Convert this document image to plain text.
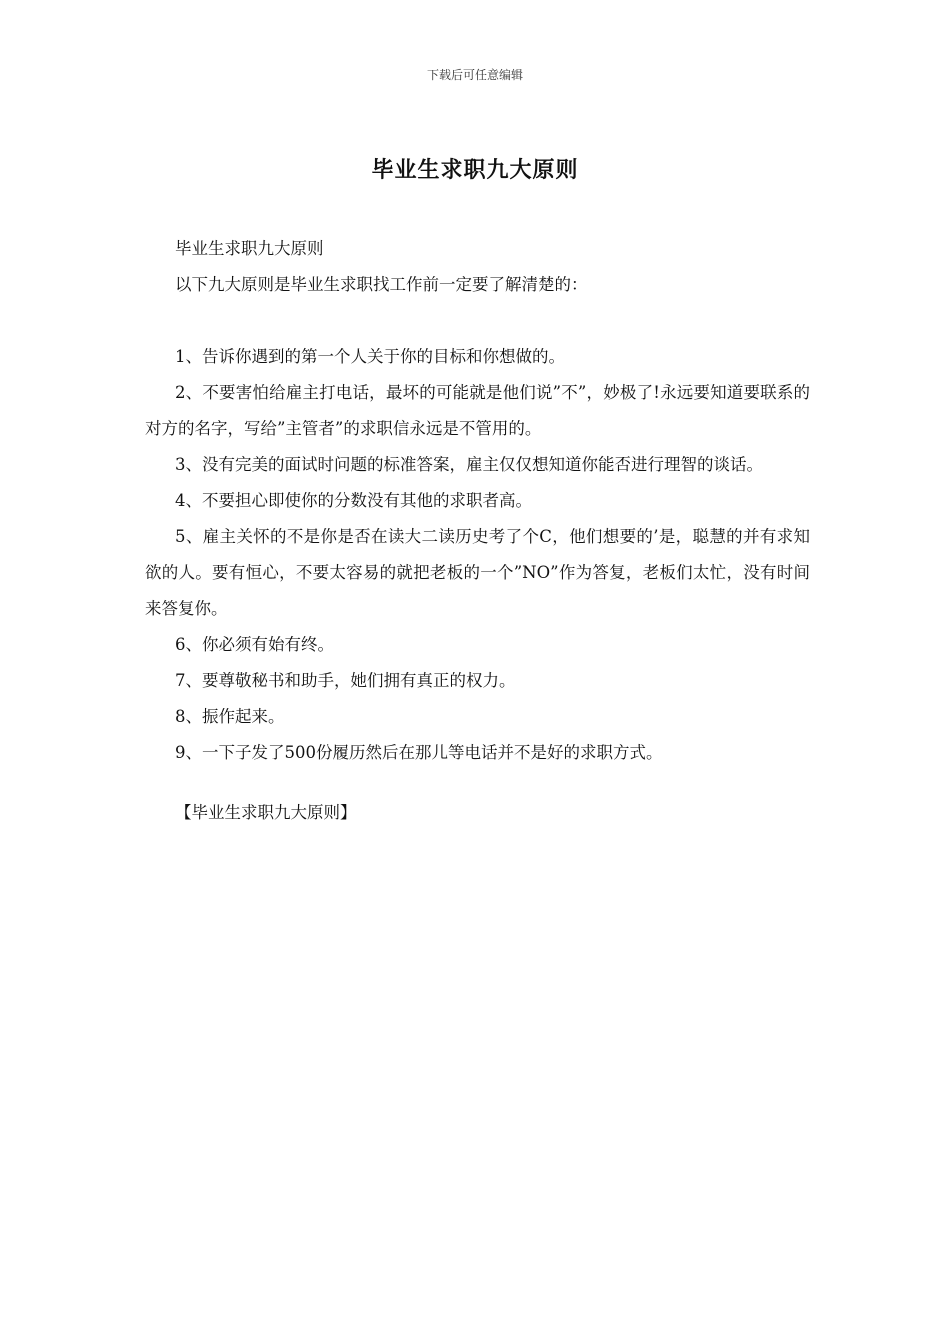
下载后可任意编辑
毕业生求职九大原则

毕业生求职九大原则

以下九大原则是毕业生求职找工作前一定要了解清楚的：

1、告诉你遇到的第一个人关于你的目标和你想做的。

2、不要害怕给雇主打电话，最坏的可能就是他们说”不”，妙极了!永远要知道要联系的对方的名字，写给”主管者”的求职信永远是不管用的。

3、没有完美的面试时问题的标准答案，雇主仅仅想知道你能否进行理智的谈话。

4、不要担心即使你的分数没有其他的求职者高。

5、雇主关怀的不是你是否在读大二读历史考了个C，他们想要的’是，聪慧的并有求知欲的人。要有恒心，不要太容易的就把老板的一个”NO”作为答复，老板们太忙，没有时间来答复你。

6、你必须有始有终。

7、要尊敬秘书和助手，她们拥有真正的权力。

8、振作起来。

9、一下子发了500份履历然后在那儿等电话并不是好的求职方式。

【毕业生求职九大原则】
